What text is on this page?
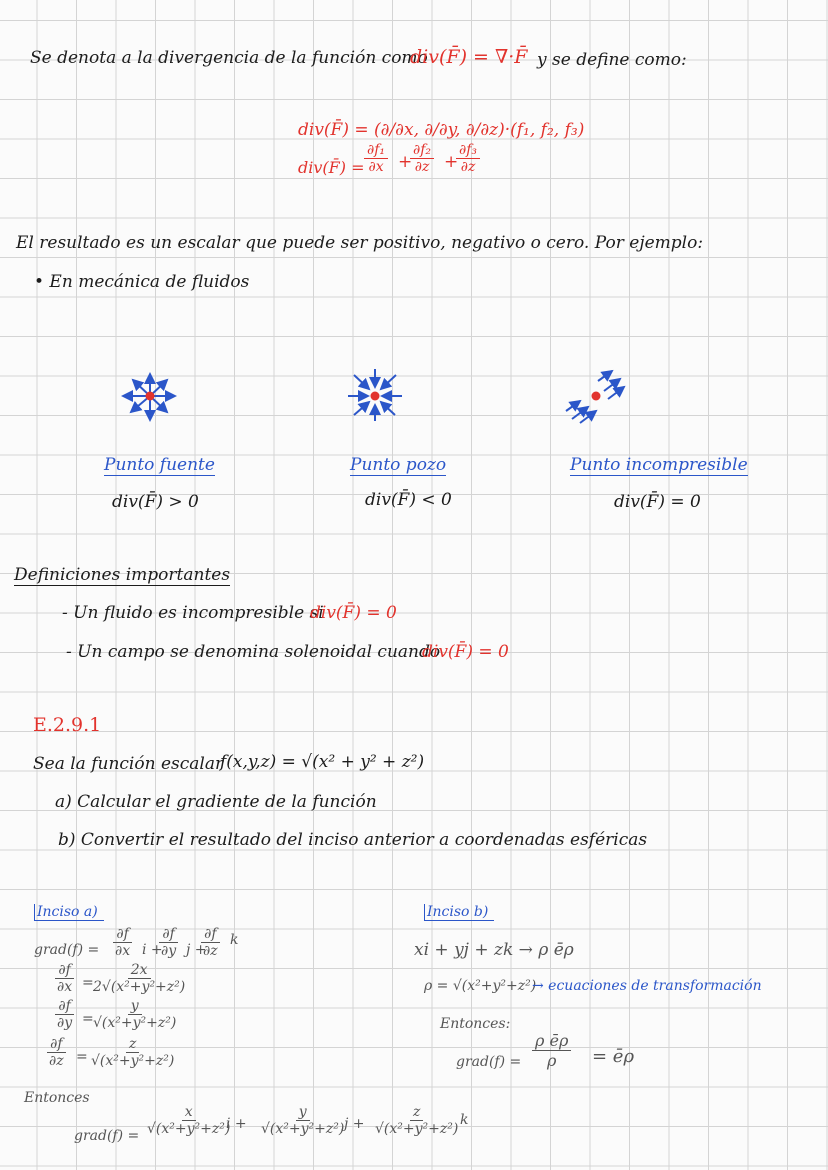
Se denota a la divergencia de la función como
div(F̄) = ∇·F̄ y se define como:
div(F̄) = (∂/∂x, ∂/∂y, ∂/∂z)·(f₁, f₂, f₃)
div(F̄) = $\frac{\text{∂f₁}}{\partial x}$ +
$\frac{\text{∂f₂}}{\partial z}$ +
$\frac{\text{∂f₃}}{\partial z}$
El resultado es un escalar que puede ser positivo, negativo o cero. Por ejemplo:
• En mecánica de fluidos
Punto fuente
div(F̄) > 0
Punto pozo
div(F̄) < 0
Punto incompresible
div(F̄) = 0
Definiciones importantes
- Un fluido es incompresible si
div(F̄) = 0
- Un campo se denomina solenoidal cuando
div(F̄) = 0
E.2.9.1
Sea la función escalar
f(x,y,z) = √(x² + y² + z²)
a) Calcular el gradiente de la función
b) Convertir el resultado del inciso anterior a coordenadas esféricas
Inciso a)
grad(f) = $\frac{\partial f}{\partial x}$ i +
$\frac{\partial f}{\partial y}$ j +
$\frac{\partial f}{\partial z}$ k
$\frac{\partial f}{\partial x}$ =
$\frac{2x}{\text{2√(x²+y²+z²)}}$
$\frac{\partial f}{\partial y}$ =
$\frac{y}{\text{√(x²+y²+z²)}}$
$\frac{\partial f}{\partial z} = \frac{z}{\text{√(x²+y²+z²)}}$
Inciso b)
xi + yj + zk → ρ ēρ
ρ = √(x²+y²+z²)
→ ecuaciones de transformación
Entonces:
grad(f) = $\frac{\text{ρ ēρ}}{\rho}$ = ēρ
Entonces
grad(f) = $\frac{x}{\text{√(x²+y²+z²)}}$
$i + \frac{y}{\text{√(x²+y²+z²)}}$
$j + \frac{z}{\text{√(x²+y²+z²)}}$
k
